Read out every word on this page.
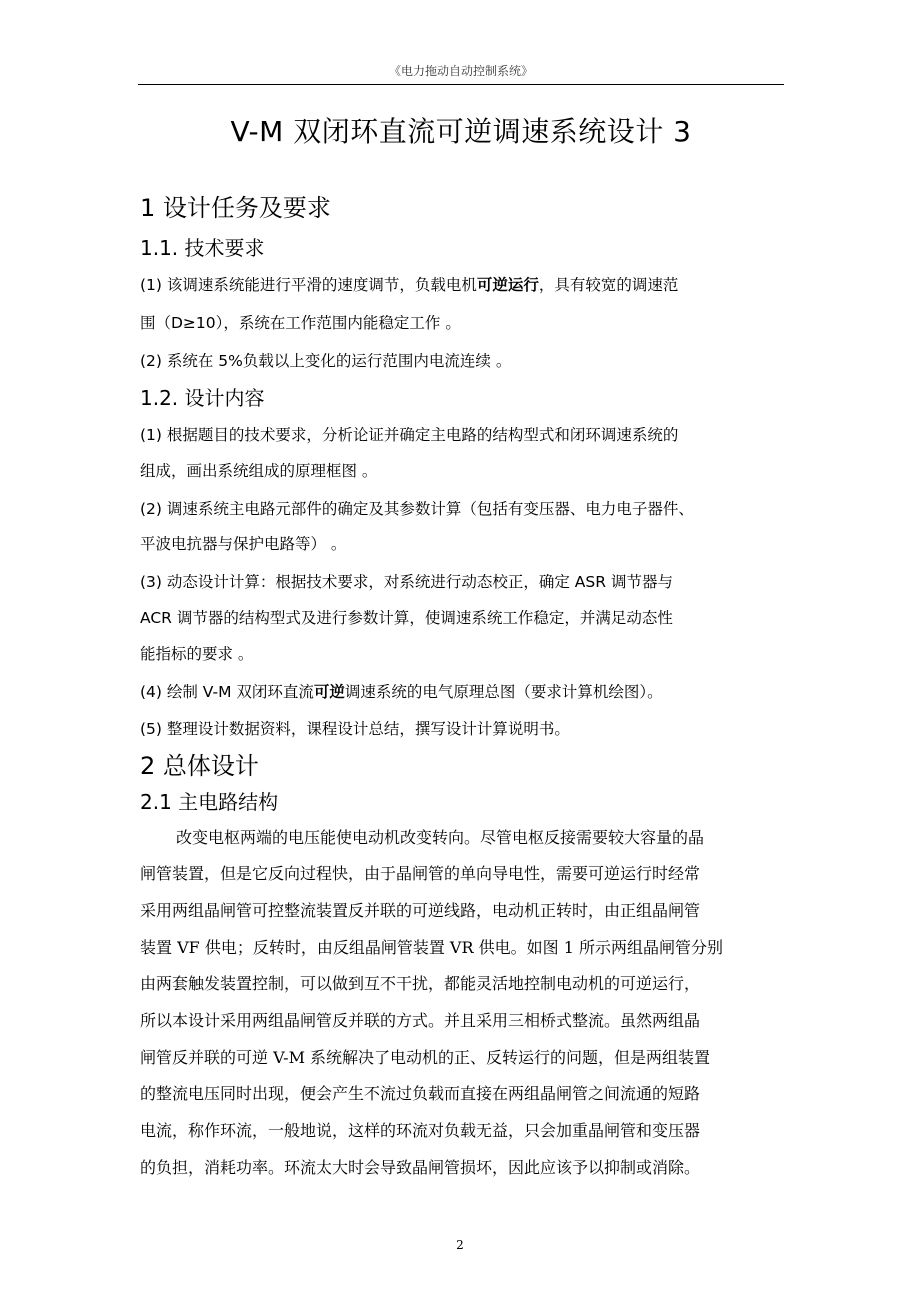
《电力拖动自动控制系统》
V-M 双闭环直流可逆调速系统设计 3
1 设计任务及要求
1.1. 技术要求
(1) 该调速系统能进行平滑的速度调节，负载电机可逆运行，具有较宽的调速范
围（D≥10），系统在工作范围内能稳定工作 。
(2) 系统在 5%负载以上变化的运行范围内电流连续 。
1.2. 设计内容
(1) 根据题目的技术要求，分析论证并确定主电路的结构型式和闭环调速系统的
组成，画出系统组成的原理框图 。
(2) 调速系统主电路元部件的确定及其参数计算（包括有变压器、电力电子器件、
平波电抗器与保护电路等） 。
(3) 动态设计计算：根据技术要求，对系统进行动态校正，确定 ASR 调节器与
ACR 调节器的结构型式及进行参数计算，使调速系统工作稳定，并满足动态性
能指标的要求 。
(4) 绘制 V-M 双闭环直流可逆调速系统的电气原理总图（要求计算机绘图）。
(5) 整理设计数据资料，课程设计总结，撰写设计计算说明书。
2 总体设计
2.1 主电路结构
改变电枢两端的电压能使电动机改变转向。尽管电枢反接需要较大容量的晶
闸管装置，但是它反向过程快，由于晶闸管的单向导电性，需要可逆运行时经常
采用两组晶闸管可控整流装置反并联的可逆线路，电动机正转时，由正组晶闸管
装置 VF 供电；反转时，由反组晶闸管装置 VR 供电。如图 1 所示两组晶闸管分别
由两套触发装置控制，可以做到互不干扰，都能灵活地控制电动机的可逆运行，
所以本设计采用两组晶闸管反并联的方式。并且采用三相桥式整流。虽然两组晶
闸管反并联的可逆 V-M 系统解决了电动机的正、反转运行的问题，但是两组装置
的整流电压同时出现，便会产生不流过负载而直接在两组晶闸管之间流通的短路
电流，称作环流，一般地说，这样的环流对负载无益，只会加重晶闸管和变压器
的负担，消耗功率。环流太大时会导致晶闸管损坏，因此应该予以抑制或消除。
2
